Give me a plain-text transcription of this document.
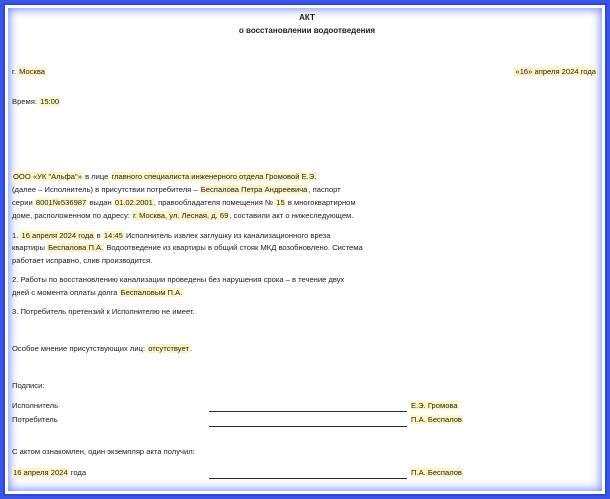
АКТ
о восстановлении водоотведения
г. Москва	«16» апреля 2024 года
Время: 15:00
ООО «УК "Альфа"» в лице главного специалиста инженерного отдела Громовой Е.Э.
(далее – Исполнитель) в присутствии потребителя – Беспалова Петра Андреевича, паспорт
серии 8001№536987 выдан 01.02.2001, правообладателя помещения № 15 в многоквартирном
доме, расположенном по адресу: г. Москва, ул. Лесная, д. 69, составили акт о нижеследующем.
1. 16 апреля 2024 года в 14:45 Исполнитель извлек заглушку из канализационного вреза
квартиры Беспалова П.А. Водоотведение из квартиры в общий стояк МКД возобновлено. Система
работает исправно, слив производится.
2. Работы по восстановлению канализации проведены без нарушения срока – в течение двух
дней с момента оплаты долга Беспаловым П.А.
3. Потребитель претензий к Исполнителю не имеет.
Особое мнение присутствующих лиц: отсутствует.
Подписи:
Исполнитель	Е.Э. Громова
Потребитель	П.А. Беспалов
С актом ознакомлен, один экземпляр акта получил:
16 апреля 2024 года	П.А. Беспалов
